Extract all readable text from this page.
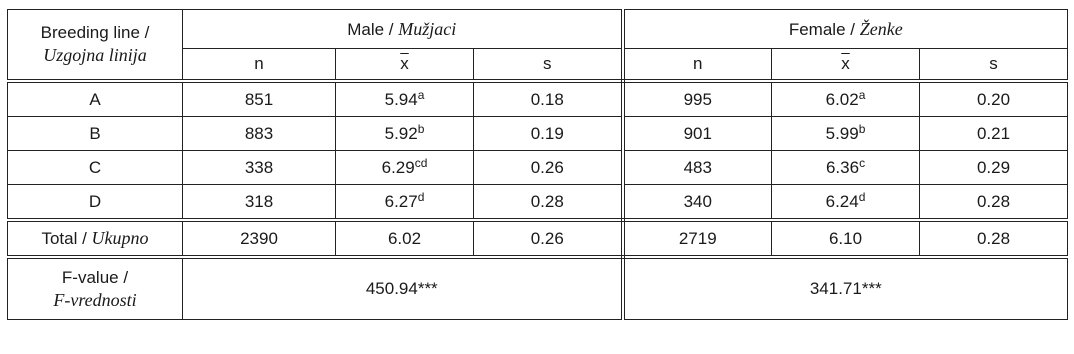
Breeding line /
Uzgojna linija	Male / Mužjaci			Female / Ženke		
	n	$\overline{x}$	s	n	$\overline{x}$	s
A	851	5.94$^a$	0.18	995	6.02$^a$	0.20
B	883	5.92$^b$	0.19	901	5.99$^b$	0.21
C	338	6.29$^{cd}$	0.26	483	6.36$^c$	0.29
D	318	6.27$^d$	0.28	340	6.24$^d$	0.28
Total / Ukupno	2390	6.02	0.26	2719	6.10	0.28
F-value /
F-vrednosti	450.94***			341.71***		
